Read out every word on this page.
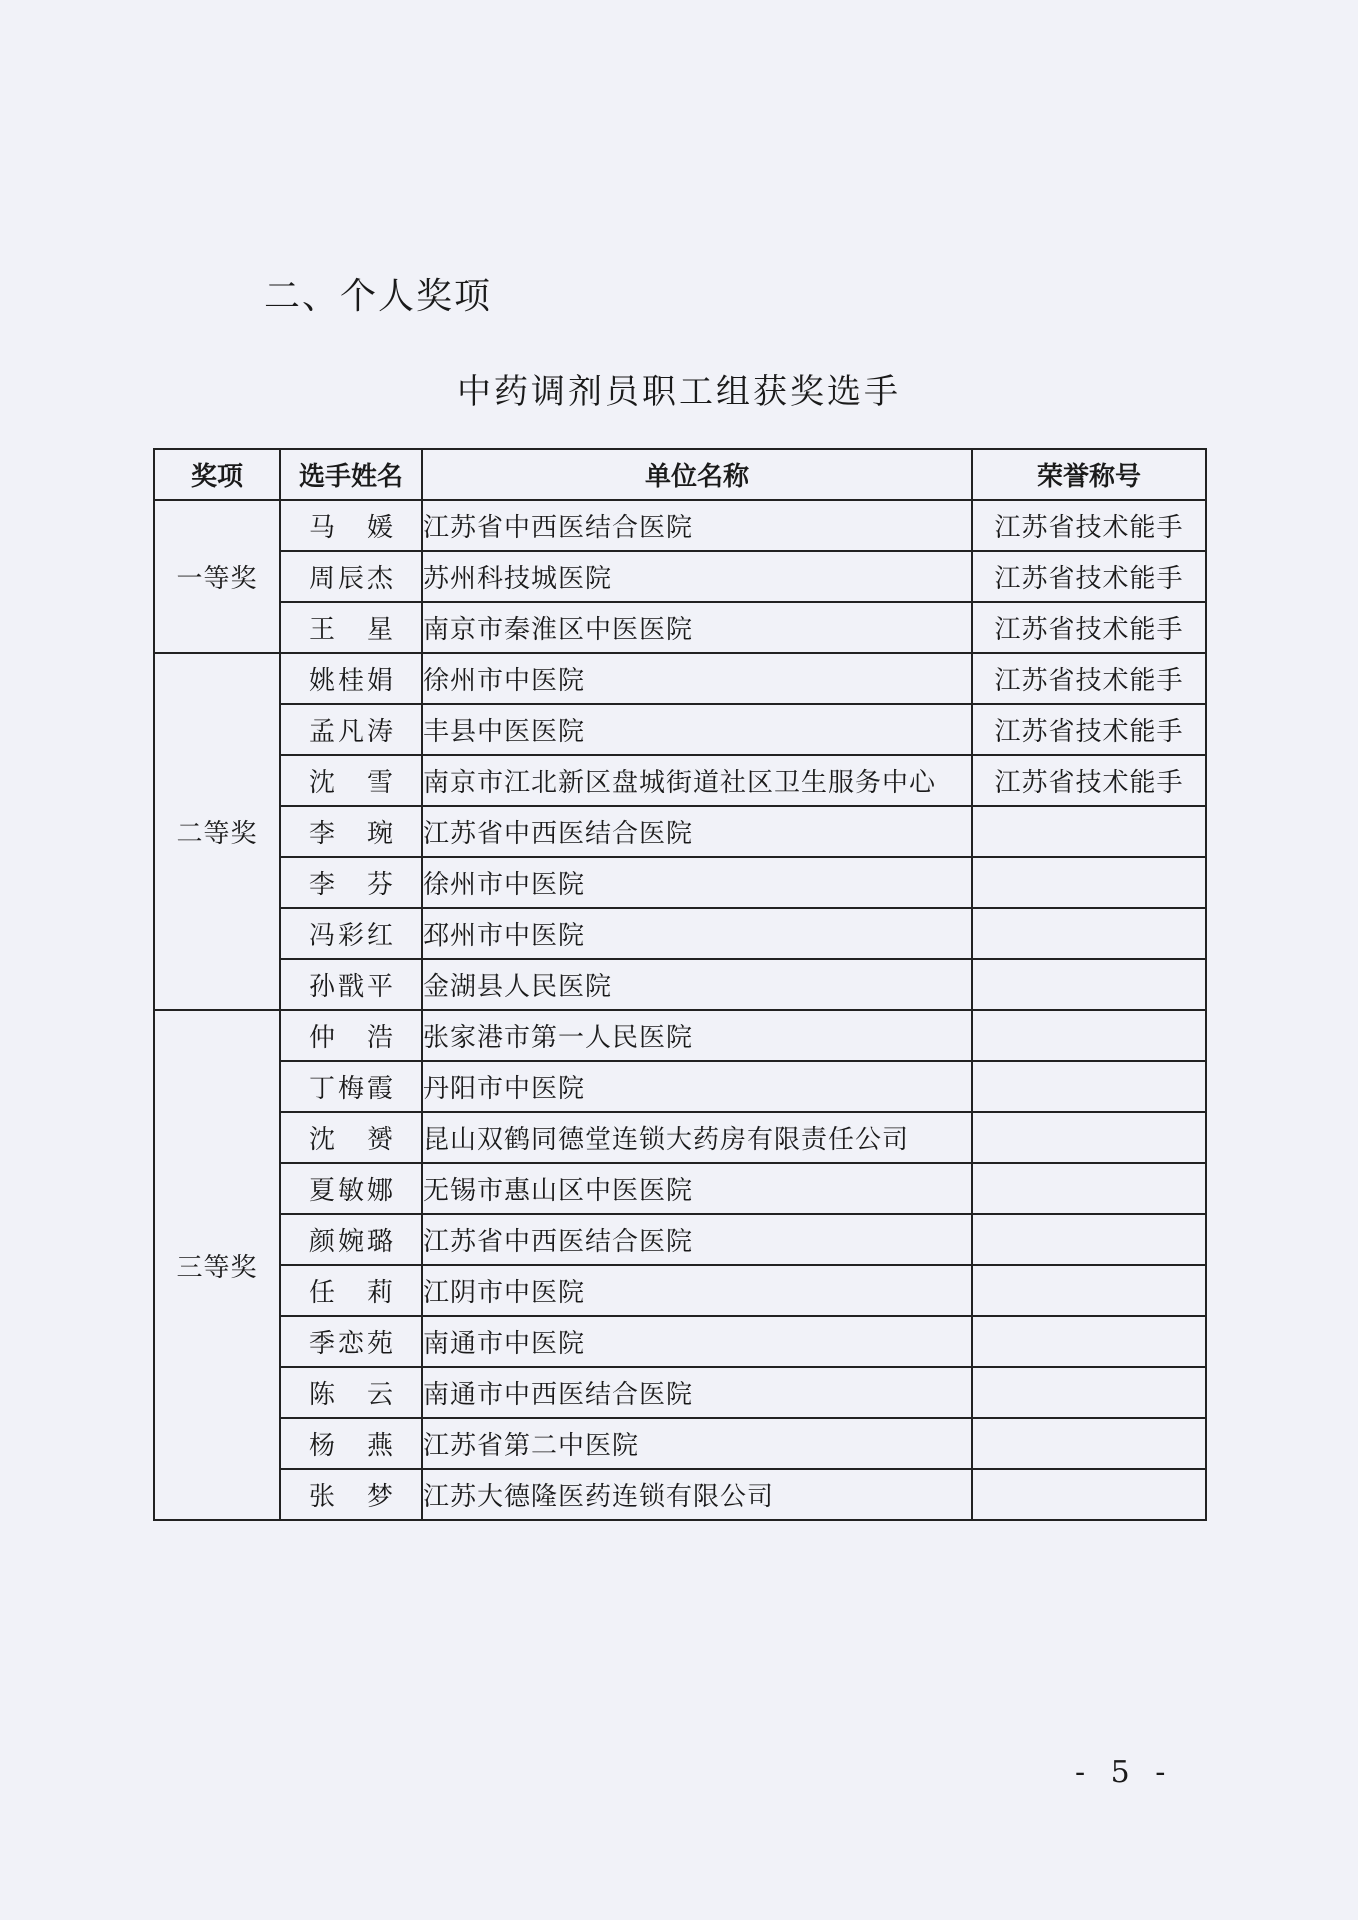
二、个人奖项
中药调剂员职工组获奖选手
奖项	选手姓名	单位名称	荣誉称号
一等奖	马媛	江苏省中西医结合医院	江苏省技术能手
	周辰杰	苏州科技城医院	江苏省技术能手
	王星	南京市秦淮区中医医院	江苏省技术能手
二等奖	姚桂娟	徐州市中医院	江苏省技术能手
	孟凡涛	丰县中医医院	江苏省技术能手
	沈雪	南京市江北新区盘城街道社区卫生服务中心	江苏省技术能手
	李琬	江苏省中西医结合医院	
	李芬	徐州市中医院	
	冯彩红	邳州市中医院	
	孙戬平	金湖县人民医院	
三等奖	仲浩	张家港市第一人民医院	
	丁梅霞	丹阳市中医院	
	沈赟	昆山双鹤同德堂连锁大药房有限责任公司	
	夏敏娜	无锡市惠山区中医医院	
	颜婉璐	江苏省中西医结合医院	
	任莉	江阴市中医院	
	季恋苑	南通市中医院	
	陈云	南通市中西医结合医院	
	杨燕	江苏省第二中医院	
	张梦	江苏大德隆医药连锁有限公司	
- 5 -
